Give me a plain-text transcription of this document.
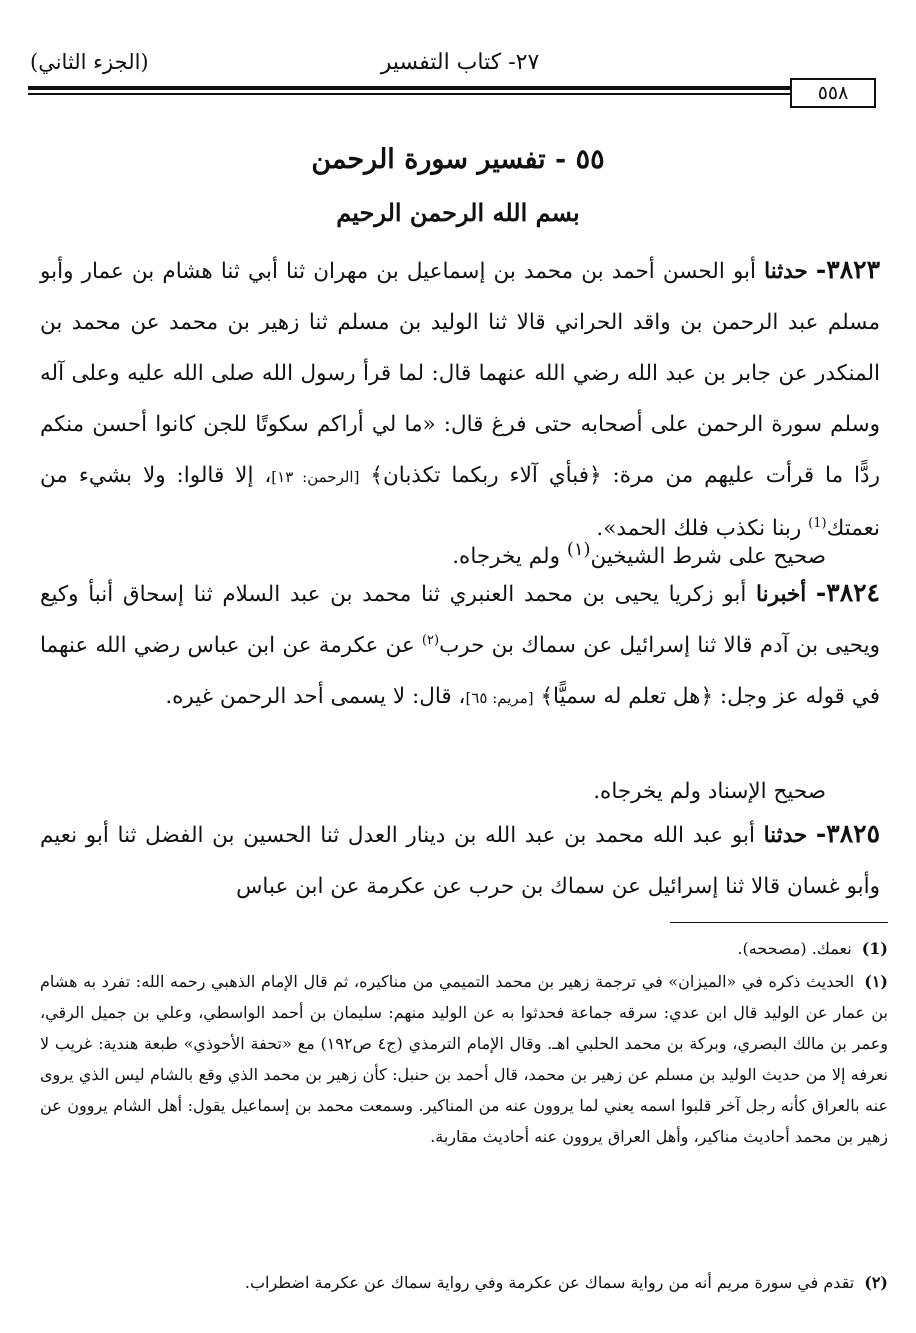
٢٧- كتاب التفسير
(الجزء الثاني)
٥٥٨
٥٥ - تفسير سورة الرحمن
بسم الله الرحمن الرحيم
٣٨٢٣- حدثنا أبو الحسن أحمد بن محمد بن إسماعيل بن مهران ثنا أبي ثنا هشام بن عمار وأبو مسلم عبد الرحمن بن واقد الحراني قالا ثنا الوليد بن مسلم ثنا زهير بن محمد عن محمد بن المنكدر عن جابر بن عبد الله رضي الله عنهما قال: لما قرأ رسول الله صلى الله عليه وعلى آله وسلم سورة الرحمن على أصحابه حتى فرغ قال: «ما لي أراكم سكوتًا للجن كانوا أحسن منكم ردًّا ما قرأت عليهم من مرة: ﴿فبأي آلاء ربكما تكذبان﴾ [الرحمن: ١٣]، إلا قالوا: ولا بشيء من نعمتك$^{(1)}$ ربنا نكذب فلك الحمد».
صحيح على شرط الشيخين$^{(١)}$ ولم يخرجاه.
٣٨٢٤- أخبرنا أبو زكريا يحيى بن محمد العنبري ثنا محمد بن عبد السلام ثنا إسحاق أنبأ وكيع ويحيى بن آدم قالا ثنا إسرائيل عن سماك بن حرب$^{(٢)}$ عن عكرمة عن ابن عباس رضي الله عنهما في قوله عز وجل: ﴿هل تعلم له سميًّا﴾ [مريم: ٦٥]، قال: لا يسمى أحد الرحمن غيره.
صحيح الإسناد ولم يخرجاه.
٣٨٢٥- حدثنا أبو عبد الله محمد بن عبد الله بن دينار العدل ثنا الحسين بن الفضل ثنا أبو نعيم وأبو غسان قالا ثنا إسرائيل عن سماك بن حرب عن عكرمة عن ابن عباس
(1)نعمك. (مصححه).
(١)الحديث ذكره في «الميزان» في ترجمة زهير بن محمد التميمي من مناكيره، ثم قال الإمام الذهبي رحمه الله: تفرد به هشام بن عمار عن الوليد قال ابن عدي: سرقه جماعة فحدثوا به عن الوليد منهم: سليمان بن أحمد الواسطي، وعلي بن جميل الرقي، وعمر بن مالك البصري، وبركة بن محمد الحلبي اهـ. وقال الإمام الترمذي (ج٤ ص١٩٢) مع «تحفة الأحوذي» طبعة هندية: غريب لا نعرفه إلا من حديث الوليد بن مسلم عن زهير بن محمد، قال أحمد بن حنبل: كأن زهير بن محمد الذي وقع بالشام ليس الذي يروى عنه بالعراق كأنه رجل آخر قلبوا اسمه يعني لما يروون عنه من المناكير. وسمعت محمد بن إسماعيل يقول: أهل الشام يروون عن زهير بن محمد أحاديث مناكير، وأهل العراق يروون عنه أحاديث مقاربة.
(٢)تقدم في سورة مريم أنه من رواية سماك عن عكرمة وفي رواية سماك عن عكرمة اضطراب.
